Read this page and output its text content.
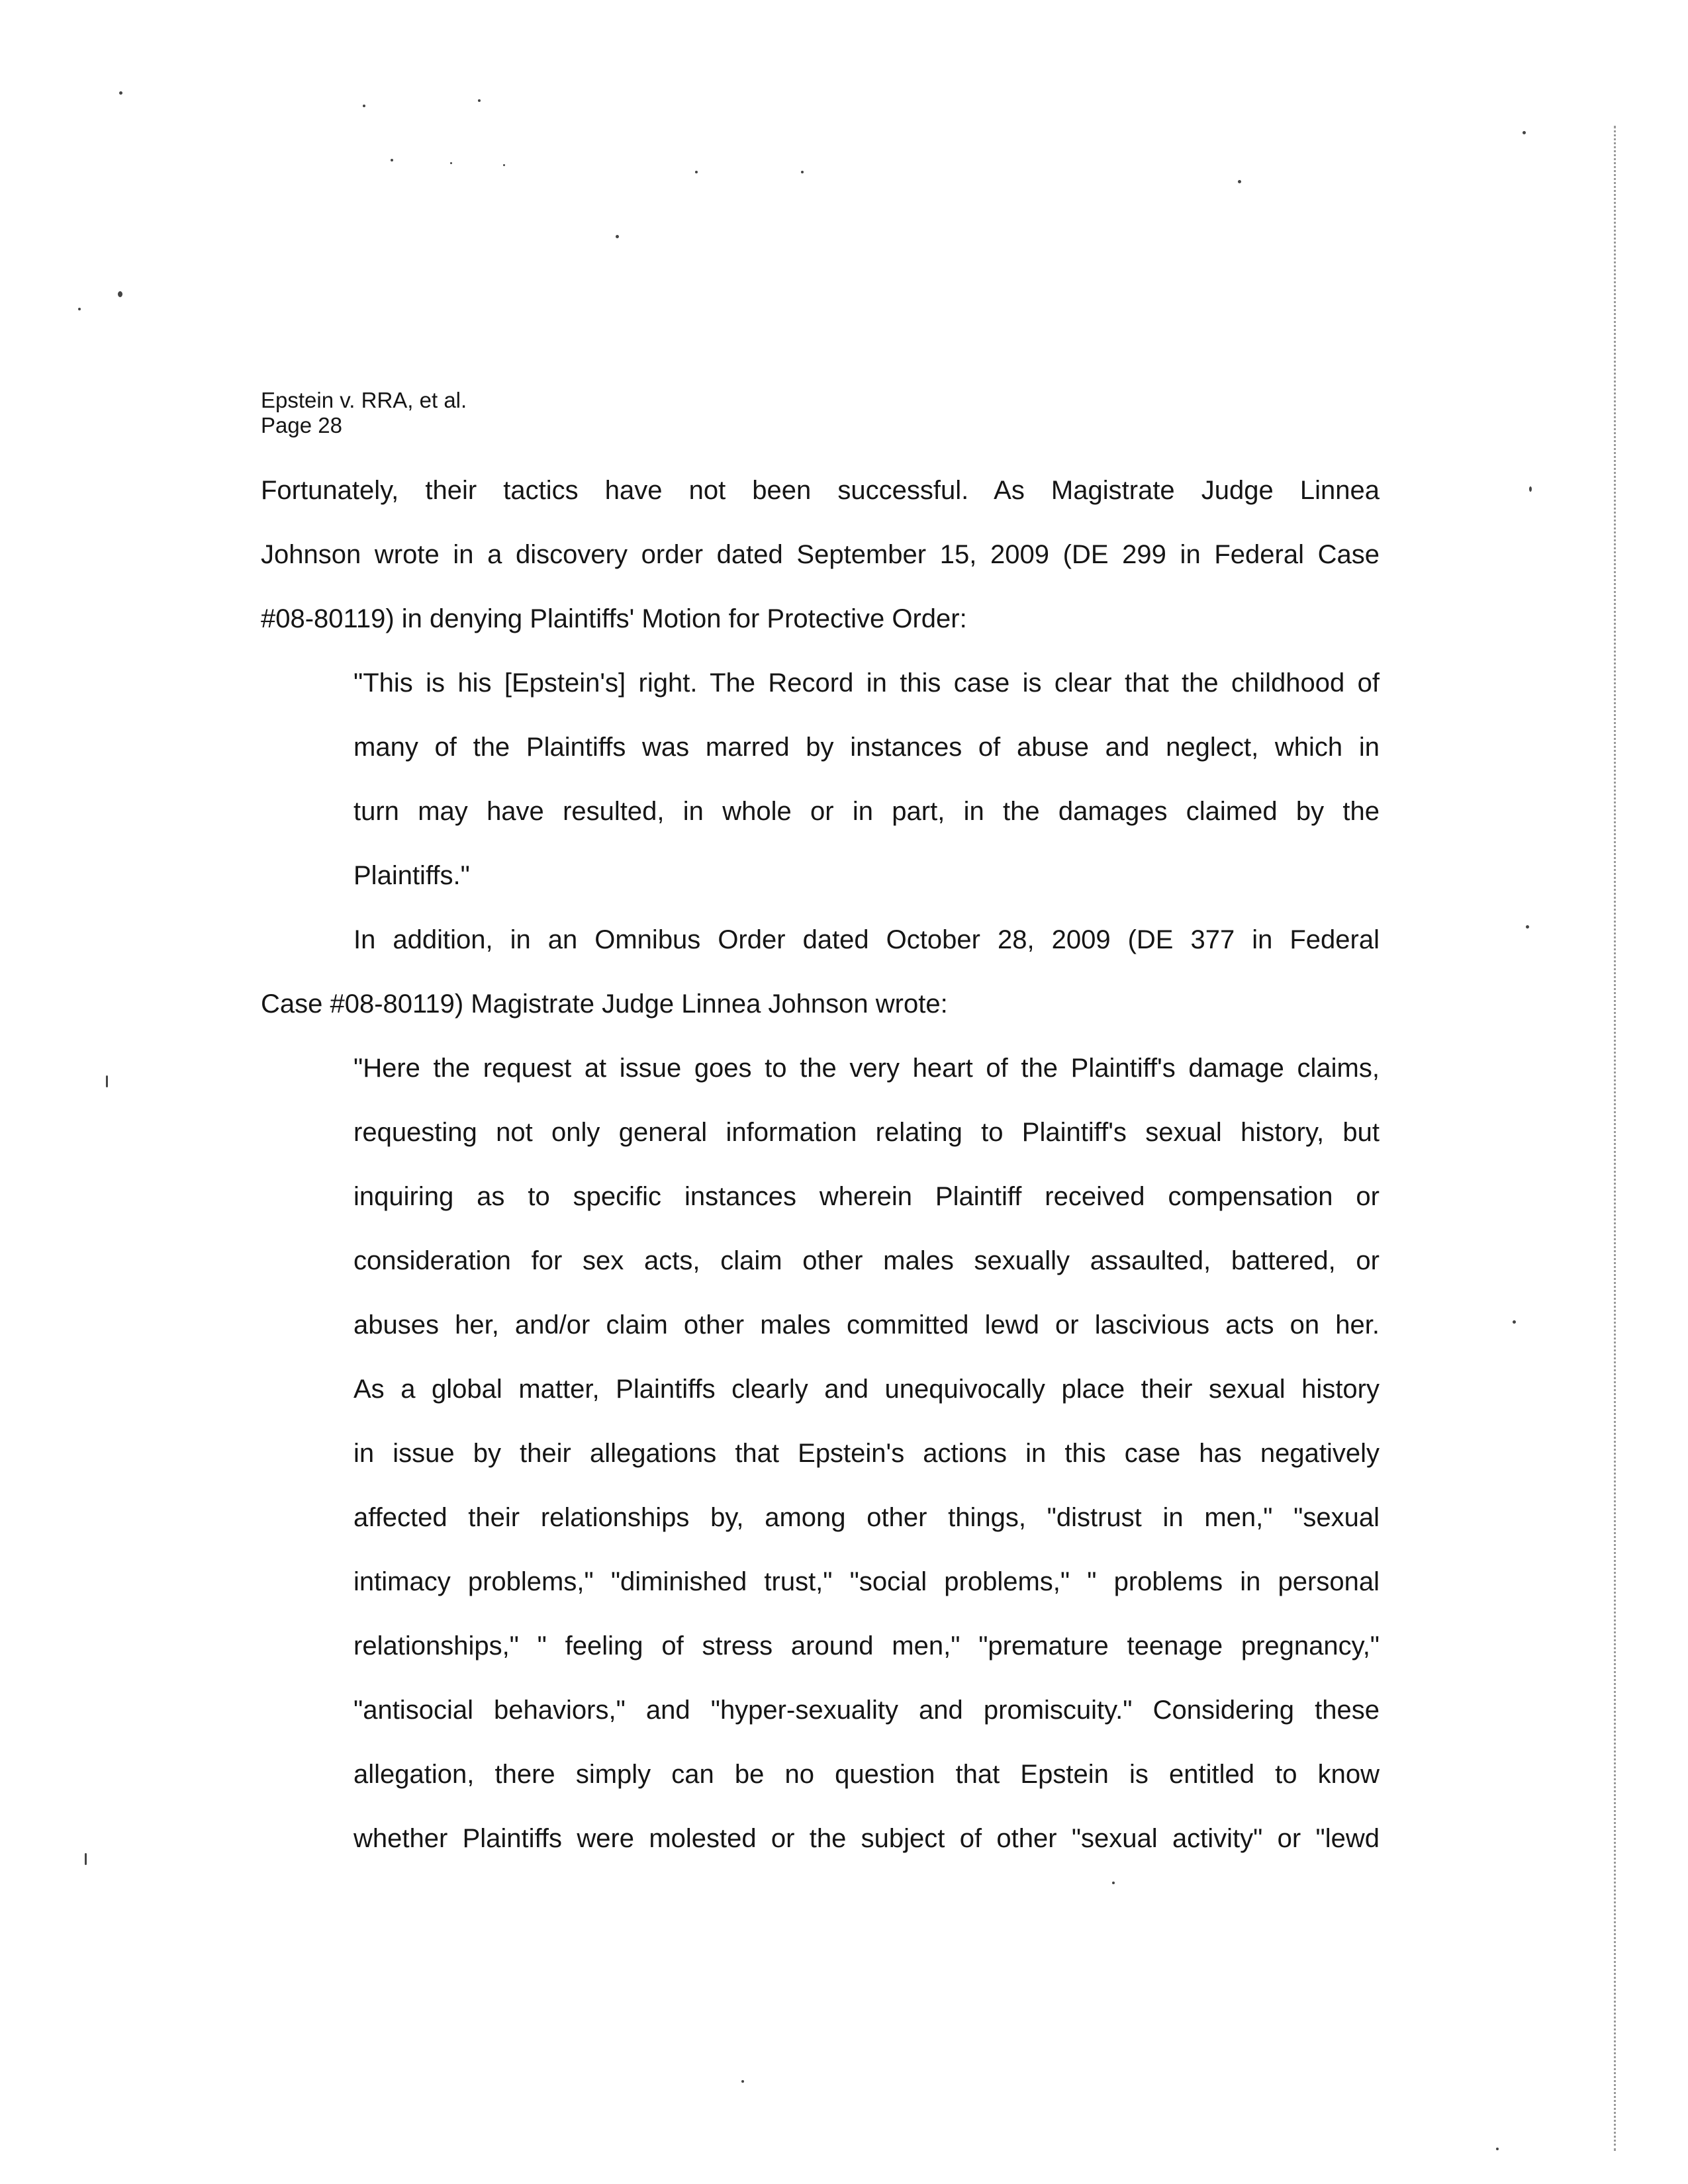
Epstein v. RRA, et al.
Page 28
Fortunately, their tactics have not been successful. As Magistrate Judge Linnea
Johnson wrote in a discovery order dated September 15, 2009 (DE 299 in Federal Case
#08-80119) in denying Plaintiffs' Motion for Protective Order:
"This is his [Epstein's] right. The Record in this case is clear that the childhood of
many of the Plaintiffs was marred by instances of abuse and neglect, which in
turn may have resulted, in whole or in part, in the damages claimed by the
Plaintiffs."
In addition, in an Omnibus Order dated October 28, 2009 (DE 377 in Federal
Case #08-80119) Magistrate Judge Linnea Johnson wrote:
"Here the request at issue goes to the very heart of the Plaintiff's damage claims,
requesting not only general information relating to Plaintiff's sexual history, but
inquiring as to specific instances wherein Plaintiff received compensation or
consideration for sex acts, claim other males sexually assaulted, battered, or
abuses her, and/or claim other males committed lewd or lascivious acts on her.
As a global matter, Plaintiffs clearly and unequivocally place their sexual history
in issue by their allegations that Epstein's actions in this case has negatively
affected their relationships by, among other things, "distrust in men," "sexual
intimacy problems," "diminished trust," "social problems," " problems in personal
relationships," " feeling of stress around men," "premature teenage pregnancy,"
"antisocial behaviors," and "hyper-sexuality and promiscuity." Considering these
allegation, there simply can be no question that Epstein is entitled to know
whether Plaintiffs were molested or the subject of other "sexual activity" or "lewd
